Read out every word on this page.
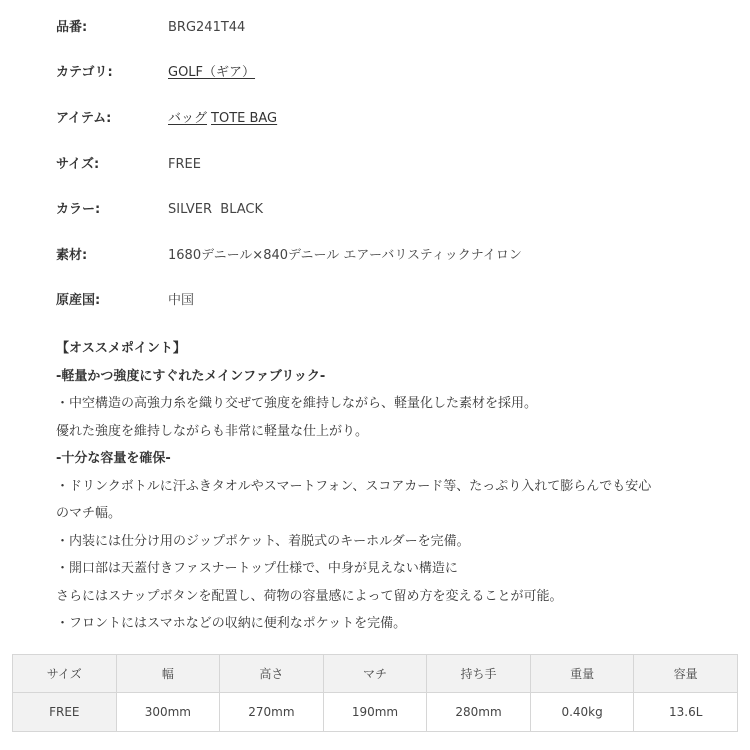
品番:	BRG241T44
カテゴリ:	GOLF（ギア）
アイテム:	バッグ TOTE BAG
サイズ:	FREE
カラー:	SILVER  BLACK
素材:	1680デニール×840デニール エアーバリスティックナイロン
原産国:	中国
【オススメポイント】
-軽量かつ強度にすぐれたメインファブリック-
・中空構造の高強力糸を織り交ぜて強度を維持しながら、軽量化した素材を採用。
優れた強度を維持しながらも非常に軽量な仕上がり。
-十分な容量を確保-
・ドリンクボトルに汗ふきタオルやスマートフォン、スコアカード等、たっぷり入れて膨らんでも安心
のマチ幅。
・内装には仕分け用のジップポケット、着脱式のキーホルダーを完備。
・開口部は天蓋付きファスナートップ仕様で、中身が見えない構造に
さらにはスナップボタンを配置し、荷物の容量感によって留め方を変えることが可能。
・フロントにはスマホなどの収納に便利なポケットを完備。
サイズ	幅	高さ	マチ	持ち手	重量	容量
FREE	300mm	270mm	190mm	280mm	0.40kg	13.6L
